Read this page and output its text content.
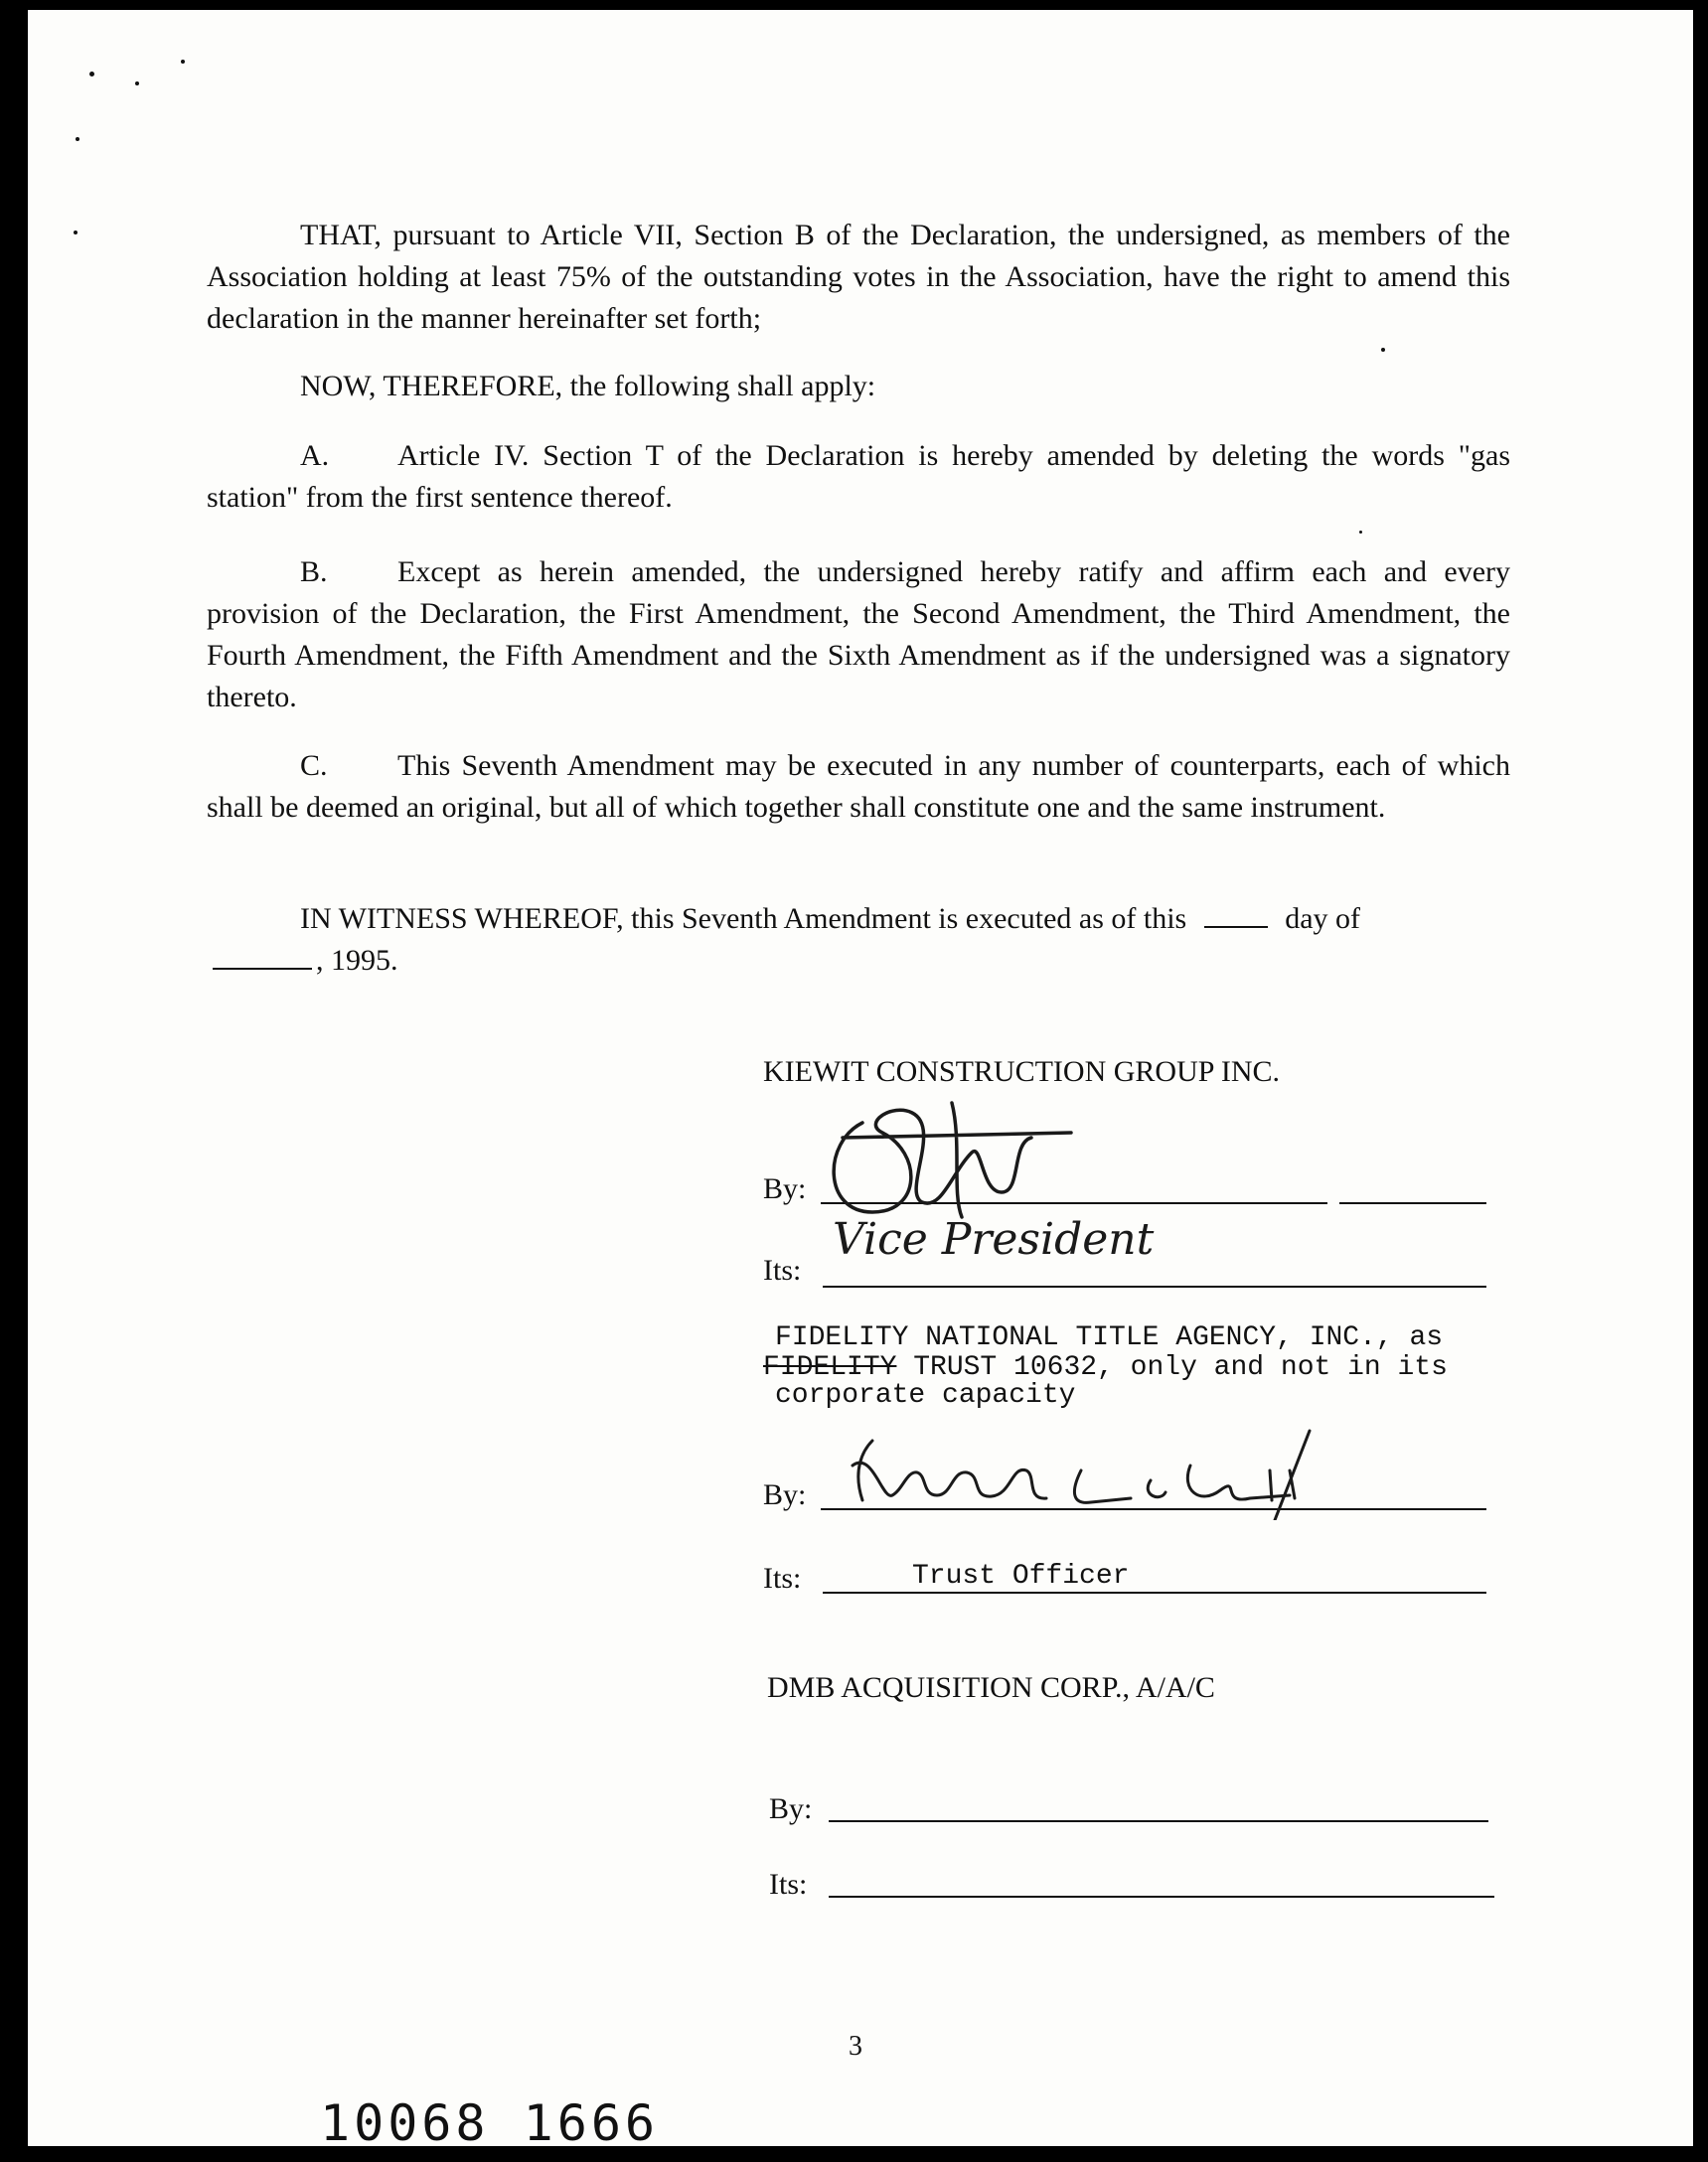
THAT, pursuant to Article VII, Section B of the Declaration, the undersigned, as members of the Association holding at least 75% of the outstanding votes in the Association, have the right to amend this declaration in the manner hereinafter set forth;
NOW, THEREFORE, the following shall apply:
A. Article IV. Section T of the Declaration is hereby amended by deleting the words "gas station" from the first sentence thereof.
B. Except as herein amended, the undersigned hereby ratify and affirm each and every provision of the Declaration, the First Amendment, the Second Amendment, the Third Amendment, the Fourth Amendment, the Fifth Amendment and the Sixth Amendment as if the undersigned was a signatory thereto.
C. This Seventh Amendment may be executed in any number of counterparts, each of which shall be deemed an original, but all of which together shall constitute one and the same instrument.
IN WITNESS WHEREOF, this Seventh Amendment is executed as of this	day of
, 1995.
KIEWIT CONSTRUCTION GROUP INC.
By:
Its:
Vice President
FIDELITY NATIONAL TITLE AGENCY, INC., as
FIDELITY TRUST 10632, only and not in its
corporate capacity
By:
Its:	Trust Officer
DMB ACQUISITION CORP., A/A/C
By:
Its:
3
10068 1666
